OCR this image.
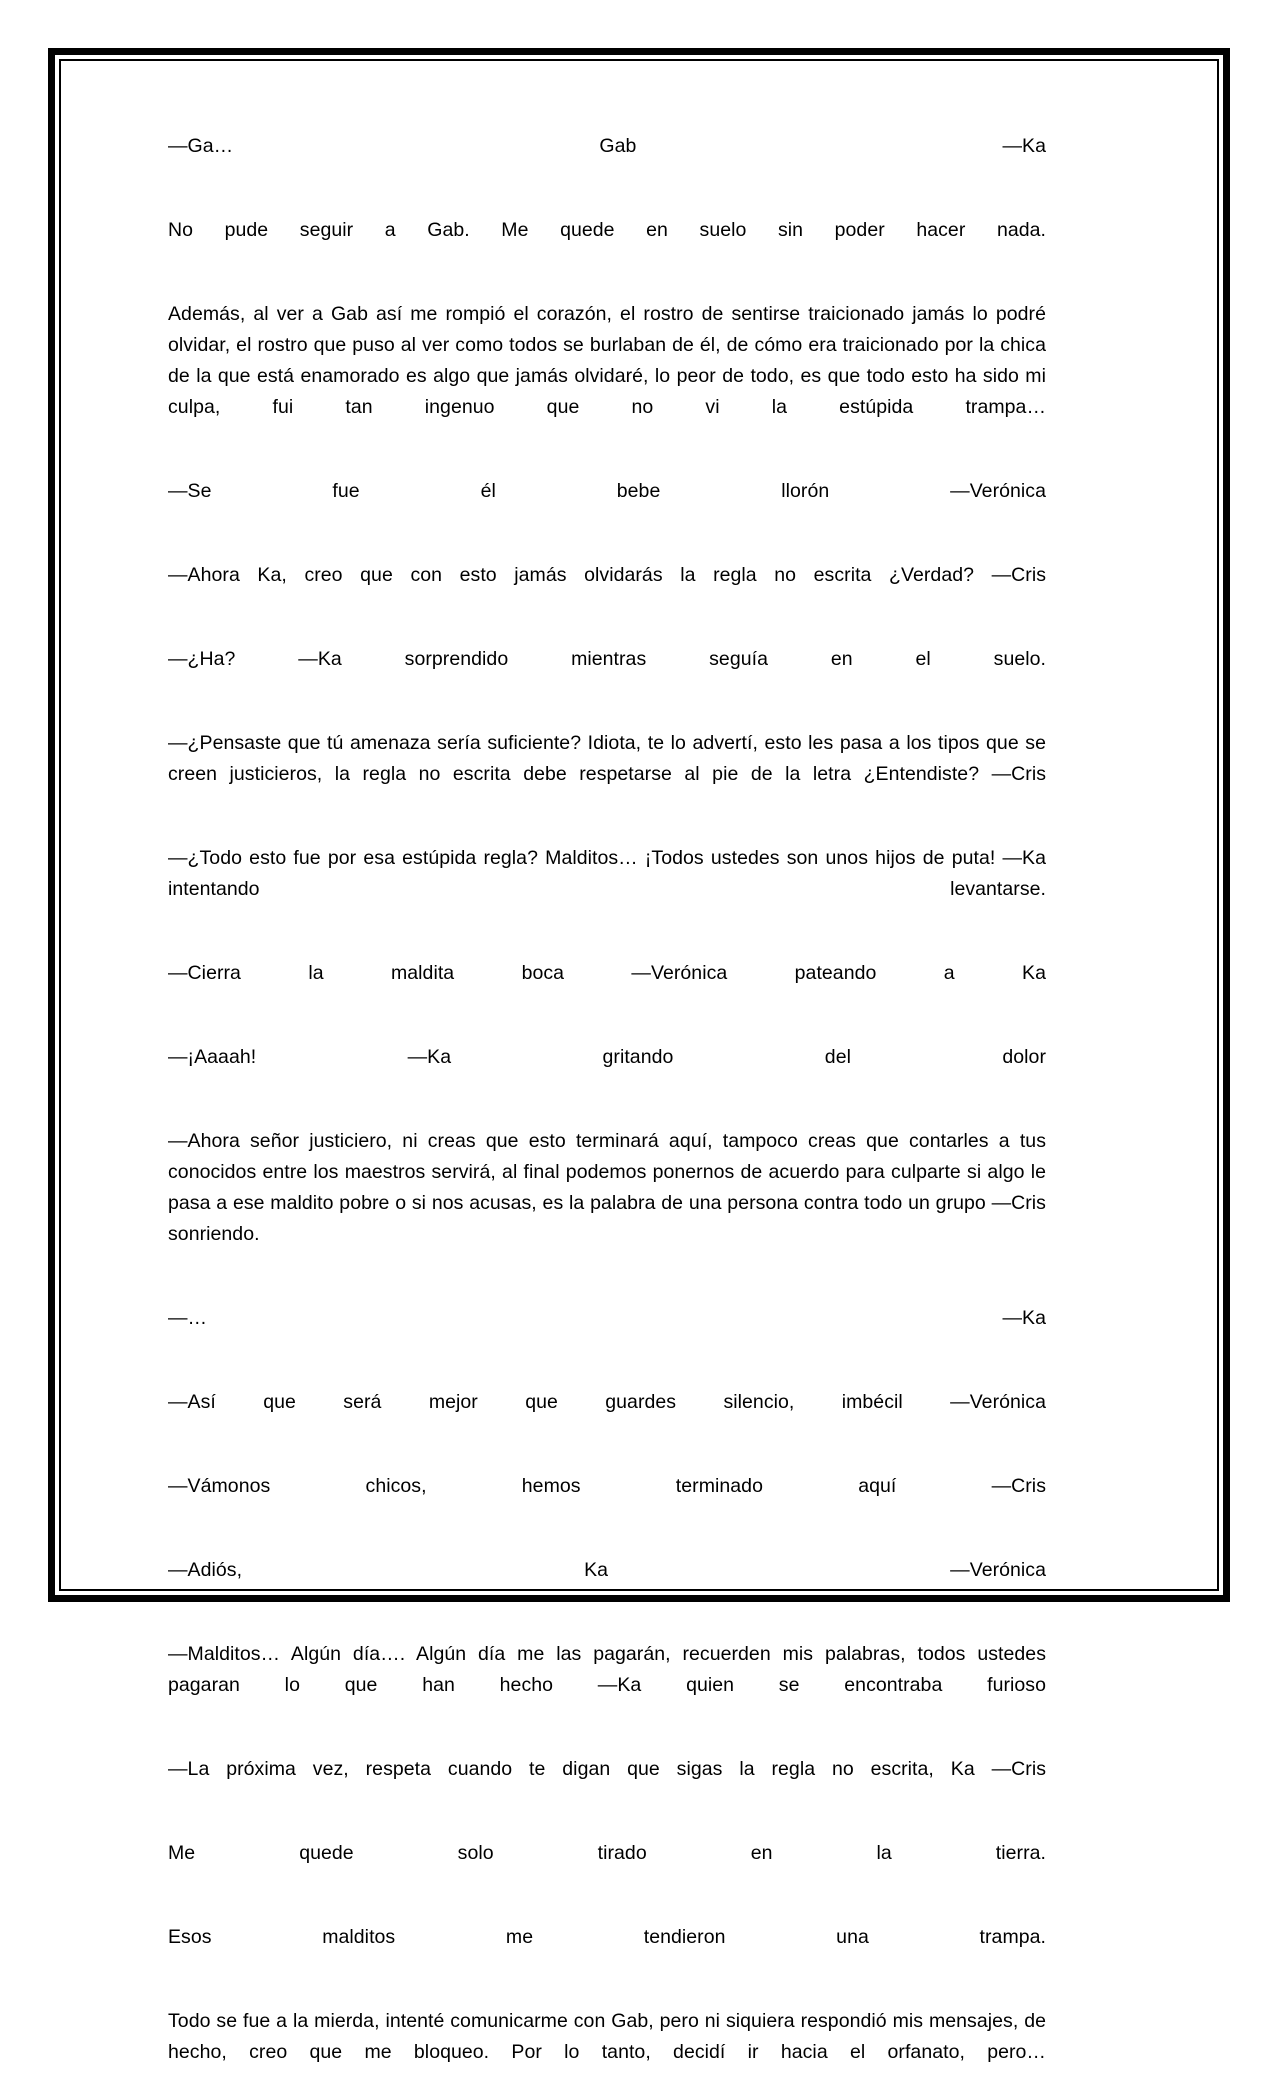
—Ga… Gab —Ka

No pude seguir a Gab. Me quede en suelo sin poder hacer nada.

Además, al ver a Gab así me rompió el corazón, el rostro de sentirse traicionado jamás lo podré olvidar, el rostro que puso al ver como todos se burlaban de él, de cómo era traicionado por la chica de la que está enamorado es algo que jamás olvidaré, lo peor de todo, es que todo esto ha sido mi culpa, fui tan ingenuo que no vi la estúpida trampa…

—Se fue él bebe llorón —Verónica

—Ahora Ka, creo que con esto jamás olvidarás la regla no escrita ¿Verdad? —Cris

—¿Ha? —Ka sorprendido mientras seguía en el suelo.

—¿Pensaste que tú amenaza sería suficiente? Idiota, te lo advertí, esto les pasa a los tipos que se creen justicieros, la regla no escrita debe respetarse al pie de la letra ¿Entendiste? —Cris

—¿Todo esto fue por esa estúpida regla? Malditos… ¡Todos ustedes son unos hijos de puta! —Ka intentando levantarse.

—Cierra la maldita boca —Verónica pateando a Ka

—¡Aaaah! —Ka gritando del dolor

—Ahora señor justiciero, ni creas que esto terminará aquí, tampoco creas que contarles a tus conocidos entre los maestros servirá, al final podemos ponernos de acuerdo para culparte si algo le pasa a ese maldito pobre o si nos acusas, es la palabra de una persona contra todo un grupo —Cris sonriendo.

—… —Ka

—Así que será mejor que guardes silencio, imbécil —Verónica

—Vámonos chicos, hemos terminado aquí —Cris

—Adiós, Ka —Verónica

—Malditos… Algún día…. Algún día me las pagarán, recuerden mis palabras, todos ustedes pagaran lo que han hecho —Ka quien se encontraba furioso

—La próxima vez, respeta cuando te digan que sigas la regla no escrita, Ka —Cris

Me quede solo tirado en la tierra.

Esos malditos me tendieron una trampa.

Todo se fue a la mierda, intenté comunicarme con Gab, pero ni siquiera respondió mis mensajes, de hecho, creo que me bloqueo. Por lo tanto, decidí ir hacia el orfanato, pero…
